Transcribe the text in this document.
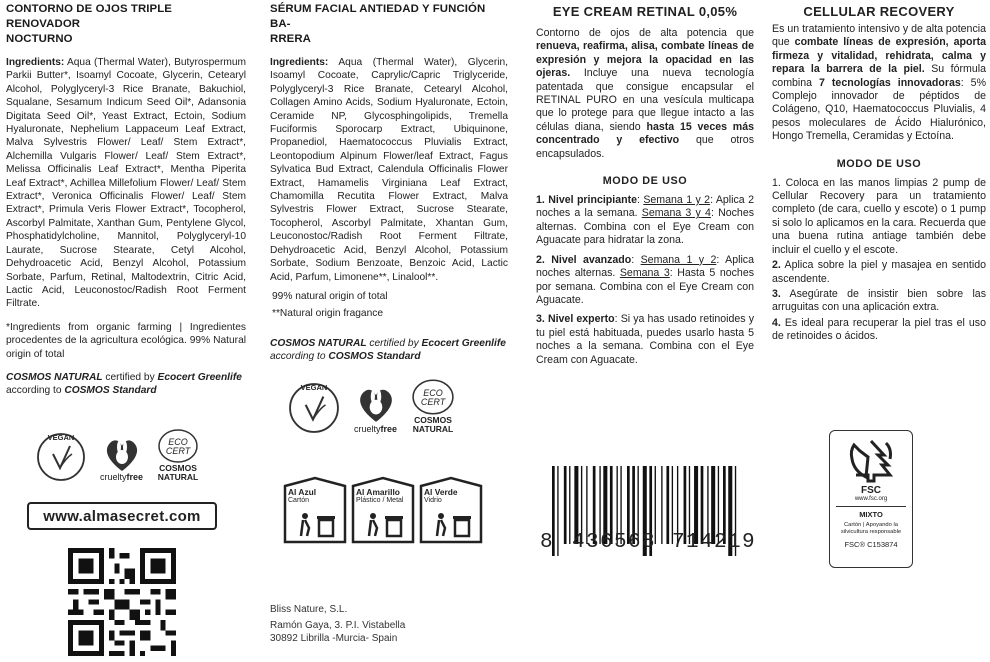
CONTORNO DE OJOS TRIPLE RENOVADOR
NOCTURNO
Ingredients: Aqua (Thermal Water), Butyrospermum Parkii Butter*, Isoamyl Cocoate, Glycerin, Cetearyl Alcohol, Polyglyceryl-3 Rice Branate, Bakuchiol, Squalane, Sesamum Indicum Seed Oil*, Adansonia Digitata Seed Oil*, Yeast Extract, Ectoin, Sodium Hyaluronate, Nephelium Lappaceum Leaf Extract, Malva Sylvestris Flower/ Leaf/ Stem Extract*, Alchemilla Vulgaris Flower/ Leaf/ Stem Extract*, Melissa Officinalis Leaf Extract*, Mentha Piperita Leaf Extract*, Achillea Millefolium Flower/ Leaf/ Stem Extract*, Veronica Officinalis Flower/ Leaf/ Stem Extract*, Primula Veris Flower Extract*, Tocopherol, Ascorbyl Palmitate, Xanthan Gum, Pentylene Glycol, Phosphatidylcholine, Mannitol, Polyglyceryl-10 Laurate, Sucrose Stearate, Cetyl Alcohol, Dehydroacetic Acid, Benzyl Alcohol, Potassium Sorbate, Parfum, Retinal, Maltodextrin, Citric Acid, Lactic Acid, Leuconostoc/Radish Root Ferment Filtrate.
*Ingredients from organic farming | Ingredientes procedentes de la agricultura ecológica. 99% Natural origin of total
COSMOS NATURAL certified by Ecocert Greenlife
according to COSMOS Standard
VEGAN
crueltyfree
ECO CERT
COSMOS
NATURAL
www.almasecret.com
SÉRUM FACIAL ANTIEDAD Y FUNCIÓN BA-
RRERA
Ingredients: Aqua (Thermal Water), Glycerin, Isoamyl Cocoate, Caprylic/Capric Triglyceride, Polyglyceryl-3 Rice Branate, Cetearyl Alcohol, Collagen Amino Acids, Sodium Hyaluronate, Ectoin, Ceramide NP, Glycosphingolipids, Tremella Fuciformis Sporocarp Extract, Ubiquinone, Propanediol, Haematococcus Pluvialis Extract, Leontopodium Alpinum Flower/leaf Extract, Fagus Sylvatica Bud Extract, Calendula Officinalis Flower Extract, Hamamelis Virginiana Leaf Extract, Chamomilla Recutita Flower Extract, Malva Sylvestris Flower Extract, Sucrose Stearate, Tocopherol, Ascorbyl Palmitate, Xhantan Gum, Leuconostoc/Radish Root Ferment Filtrate, Dehydroacetic Acid, Benzyl Alcohol, Potassium Sorbate, Sodium Benzoate, Benzoic Acid, Lactic Acid, Parfum, Limonene**, Linalool**.
99% natural origin of total
**Natural origin fragance
COSMOS NATURAL certified by Ecocert Greenlife according to COSMOS Standard
VEGAN
crueltyfree
ECO CERT
COSMOS
NATURAL
Al Azul
Cartón
Al Amarillo
Plástico / Metal
Al Verde
Vidrio
Bliss Nature, S.L.
Ramón Gaya, 3. P.I. Vistabella
30892 Librilla -Murcia- Spain
EYE CREAM RETINAL 0,05%
Contorno de ojos de alta potencia que renueva, reafirma, alisa, combate líneas de expresión y mejora la opacidad en las ojeras. Incluye una nueva tecnología patentada que consigue encapsular el RETINAL PURO en una vesícula multicapa que lo protege para que llegue intacto a las células diana, siendo hasta 15 veces más concentrado y efectivo que otros encapsulados.
MODO DE USO
1. Nivel principiante: Semana 1 y 2: Aplica 2 noches a la semana. Semana 3 y 4: Noches alternas. Combina con el Eye Cream con Aguacate para hidratar la zona.
2. Nivel avanzado: Semana 1 y 2: Aplica noches alternas. Semana 3: Hasta 5 noches por semana. Combina con el Eye Cream con Aguacate.
3. Nivel experto: Si ya has usado retinoides y tu piel está habituada, puedes usarlo hasta 5 noches a la semana. Combina con el Eye Cream con Aguacate.
8 436568 714219
CELLULAR RECOVERY
Es un tratamiento intensivo y de alta potencia que combate líneas de expresión, aporta firmeza y vitalidad, rehidrata, calma y repara la barrera de la piel. Su fórmula combina 7 tecnologías innovadoras: 5% Complejo innovador de péptidos de Colágeno, Q10, Haematococcus Pluvialis, 4 pesos moleculares de Ácido Hialurónico, Hongo Tremella, Ceramidas y Ectoína.
MODO DE USO
1. Coloca en las manos limpias 2 pump de Cellular Recovery para un tratamiento completo (de cara, cuello y escote) o 1 pump si solo lo aplicamos en la cara. Recuerda que una buena rutina antiage también debe incluir el cuello y el escote.
2. Aplica sobre la piel y masajea en sentido ascendente.
3. Asegúrate de insistir bien sobre las arruguitas con una aplicación extra.
4. Es ideal para recuperar la piel tras el uso de retinoides o ácidos.
FSC
www.fsc.org
MIXTO
Cartón | Apoyando la silvicultura responsable
FSC® C153874
